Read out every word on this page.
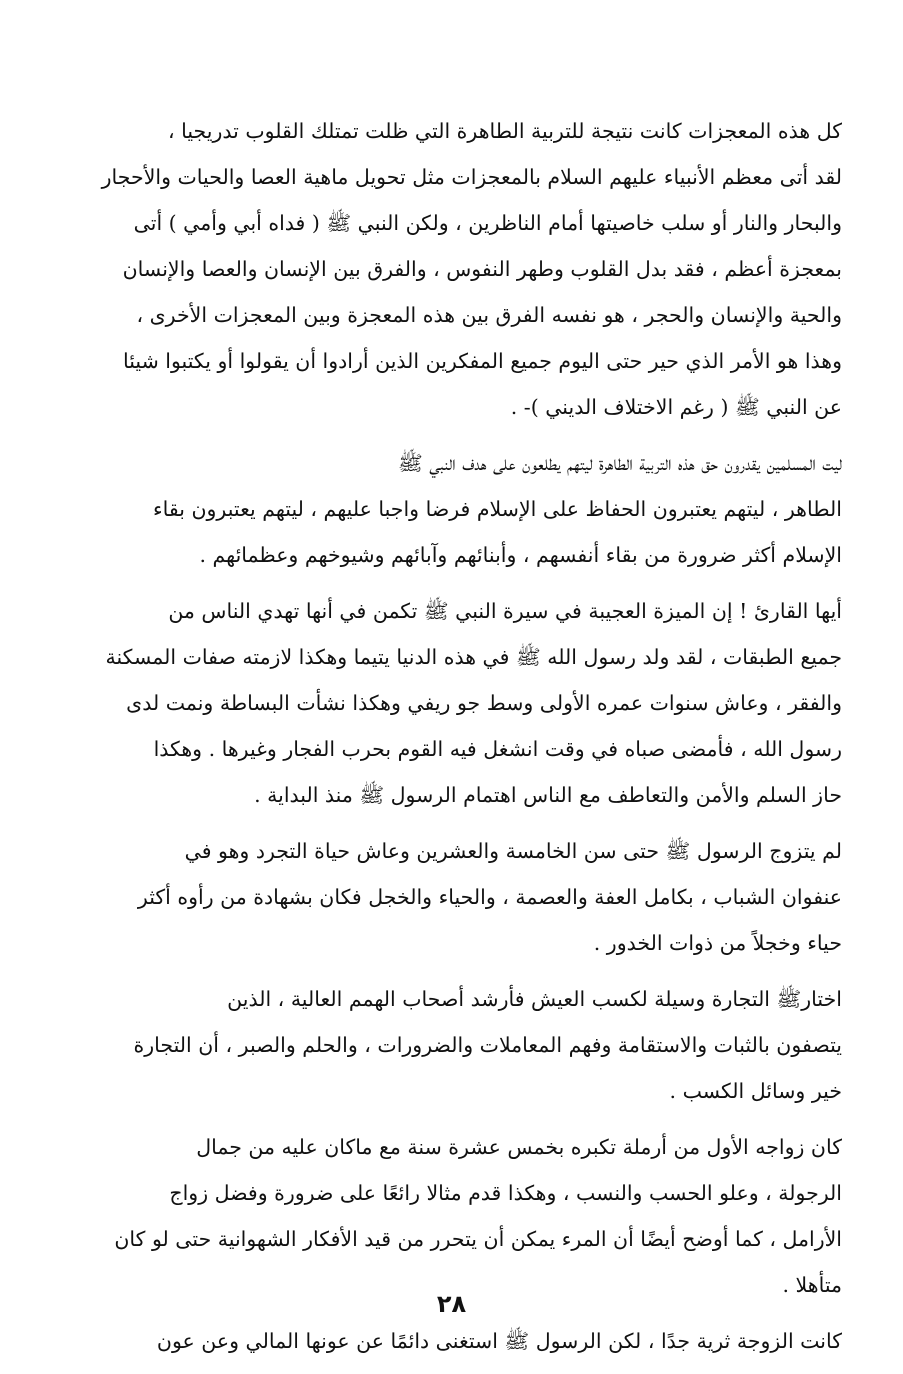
كل هذه المعجزات كانت نتيجة للتربية الطاهرة التي ظلت تمتلك القلوب تدريجيا ،
لقد أتى معظم الأنبياء عليهم السلام بالمعجزات مثل تحويل ماهية العصا والحيات والأحجار
والبحار والنار أو سلب خاصيتها أمام الناظرين ، ولكن النبي ﷺ ( فداه أبي وأمي ) أتى
بمعجزة أعظم ، فقد بدل القلوب وطهر النفوس ، والفرق بين الإنسان والعصا والإنسان
والحية والإنسان والحجر ، هو نفسه الفرق بين هذه المعجزة وبين المعجزات الأخرى ،
وهذا هو الأمر الذي حير حتى اليوم جميع المفكرين الذين أرادوا أن يقولوا أو يكتبوا شيئا
عن النبي ﷺ ( رغم الاختلاف الديني )- .
ليت المسلمين يقدرون حق هذه التربية الطاهرة ليتهم يطلعون على هدف النبي ﷺ
الطاهر ، ليتهم يعتبرون الحفاظ على الإسلام فرضا واجبا عليهم ، ليتهم يعتبرون بقاء
الإسلام أكثر ضرورة من بقاء أنفسهم ، وأبنائهم وآبائهم وشيوخهم وعظمائهم .
أيها القارئ ! إن الميزة العجيبة في سيرة النبي ﷺ تكمن في أنها تهدي الناس من
جميع الطبقات ، لقد ولد رسول الله ﷺ في هذه الدنيا يتيما وهكذا لازمته صفات المسكنة
والفقر ، وعاش سنوات عمره الأولى وسط جو ريفي وهكذا نشأت البساطة ونمت لدى
رسول الله ، فأمضى صباه في وقت انشغل فيه القوم بحرب الفجار وغيرها . وهكذا
حاز السلم والأمن والتعاطف مع الناس اهتمام الرسول ﷺ منذ البداية .
لم يتزوج الرسول ﷺ حتى سن الخامسة والعشرين وعاش حياة التجرد وهو في
عنفوان الشباب ، بكامل العفة والعصمة ، والحياء والخجل فكان بشهادة من رأوه أكثر
حياء وخجلاً من ذوات الخدور .
اختارﷺ التجارة وسيلة لكسب العيش فأرشد أصحاب الهمم العالية ، الذين
يتصفون بالثبات والاستقامة وفهم المعاملات والضرورات ، والحلم والصبر ، أن التجارة
خير وسائل الكسب .
كان زواجه الأول من أرملة تكبره بخمس عشرة سنة مع ماكان عليه من جمال
الرجولة ، وعلو الحسب والنسب ، وهكذا قدم مثالا رائعًا على ضرورة وفضل زواج
الأرامل ، كما أوضح أيضًا أن المرء يمكن أن يتحرر من قيد الأفكار الشهوانية حتى لو كان
متأهلا .
كانت الزوجة ثرية جدًا ، لكن الرسول ﷺ استغنى دائمًا عن عونها المالي وعن عون
٢٨
